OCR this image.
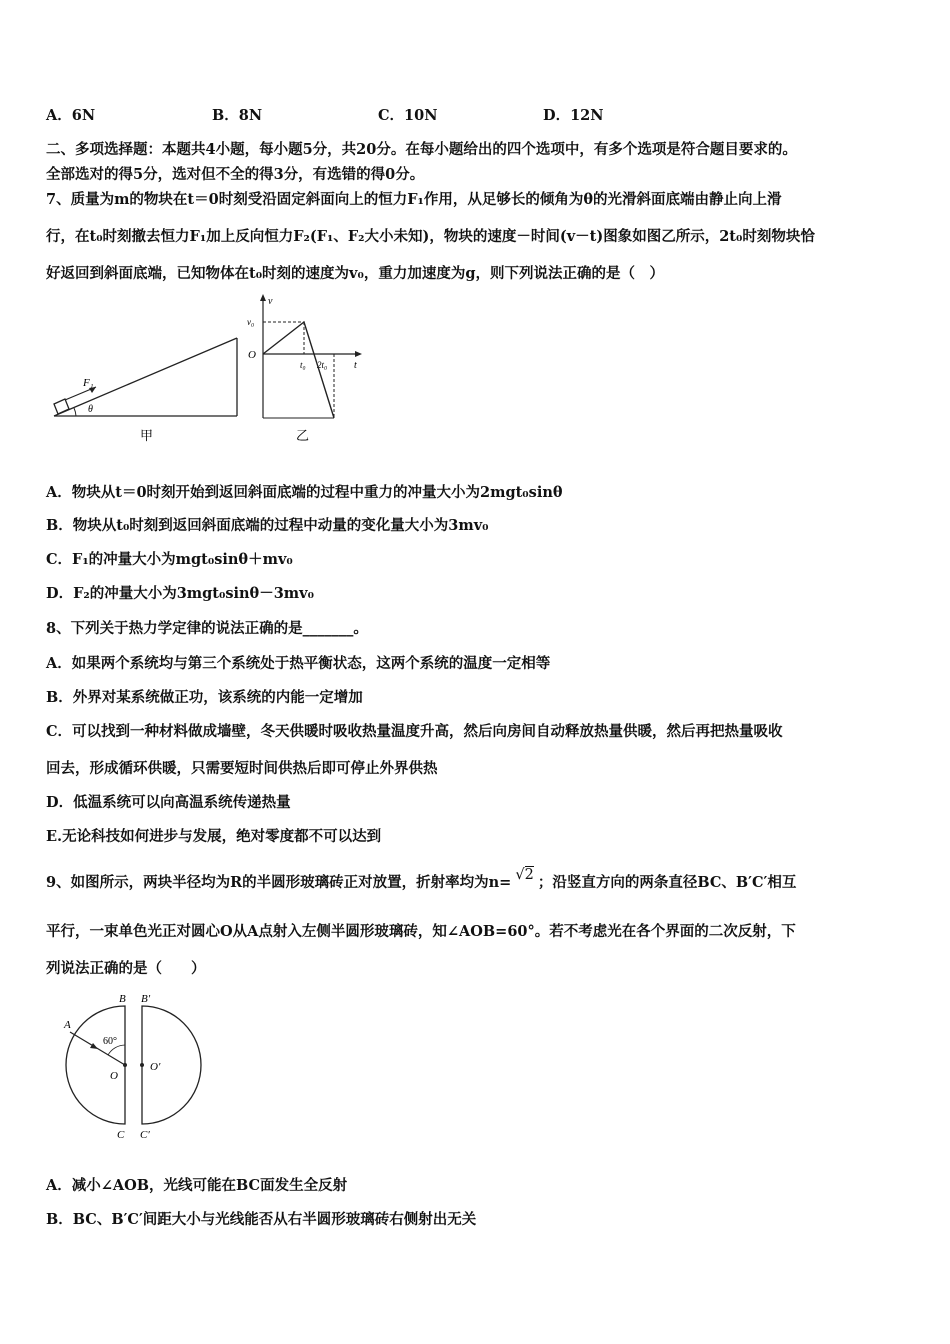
A．6N	B．8N	C．10N	D．12N
二、多项选择题：本题共4小题，每小题5分，共20分。在每小题给出的四个选项中，有多个选项是符合题目要求的。
全部选对的得5分，选对但不全的得3分，有选错的得0分。
7、质量为m的物块在t＝0时刻受沿固定斜面向上的恒力F₁作用，从足够长的倾角为θ的光滑斜面底端由静止向上滑
行，在t₀时刻撤去恒力F₁加上反向恒力F₂(F₁、F₂大小未知)，物块的速度－时间(v－t)图象如图乙所示，2t₀时刻物块恰
好返回到斜面底端，已知物体在t₀时刻的速度为v₀，重力加速度为g，则下列说法正确的是（　）
F₁
θ
甲
v
v₀
O
t₀ 2t₀	t
乙
A．物块从t＝0时刻开始到返回斜面底端的过程中重力的冲量大小为2mgt₀sinθ
B．物块从t₀时刻到返回斜面底端的过程中动量的变化量大小为3mv₀
C．F₁的冲量大小为mgt₀sinθ＋mv₀
D．F₂的冲量大小为3mgt₀sinθ－3mv₀
8、下列关于热力学定律的说法正确的是_______。
A．如果两个系统均与第三个系统处于热平衡状态，这两个系统的温度一定相等
B．外界对某系统做正功，该系统的内能一定增加
C．可以找到一种材料做成墙壁，冬天供暖时吸收热量温度升高，然后向房间自动释放热量供暖，然后再把热量吸收
回去，形成循环供暖，只需要短时间供热后即可停止外界供热
D．低温系统可以向高温系统传递热量
E.无论科技如何进步与发展，绝对零度都不可以达到
9、如图所示，两块半径均为R的半圆形玻璃砖正对放置，折射率均为n= √2 ；沿竖直方向的两条直径BC、B′C′相互
平行，一束单色光正对圆心O从A点射入左侧半圆形玻璃砖，知∠AOB=60°。若不考虑光在各个界面的二次反射，下
列说法正确的是（　　）
B B′
A
60°
O
O′
C C′
A．减小∠AOB，光线可能在BC面发生全反射
B．BC、B′C′间距大小与光线能否从右半圆形玻璃砖右侧射出无关
